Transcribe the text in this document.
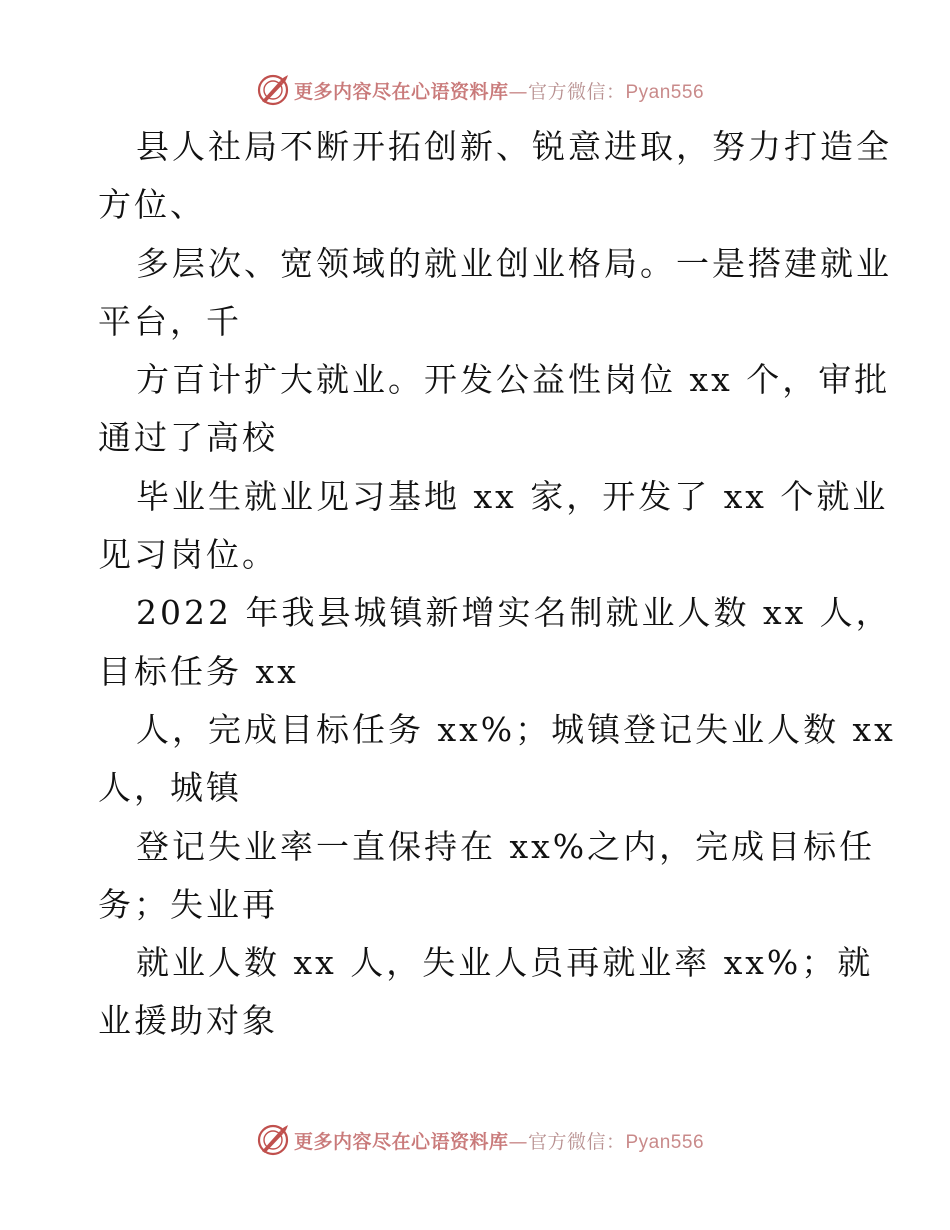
更多内容尽在心语资料库—官方微信：Pyan556
县人社局不断开拓创新、锐意进取，努力打造全
方位、
多层次、宽领域的就业创业格局。一是搭建就业
平台，千
方百计扩大就业。开发公益性岗位 xx 个，审批
通过了高校
毕业生就业见习基地 xx 家，开发了 xx 个就业
见习岗位。
2022 年我县城镇新增实名制就业人数 xx 人，
目标任务 xx
人，完成目标任务 xx%；城镇登记失业人数 xx
人，城镇
登记失业率一直保持在 xx%之内，完成目标任
务；失业再
就业人数 xx 人，失业人员再就业率 xx%；就
业援助对象
更多内容尽在心语资料库—官方微信：Pyan556
